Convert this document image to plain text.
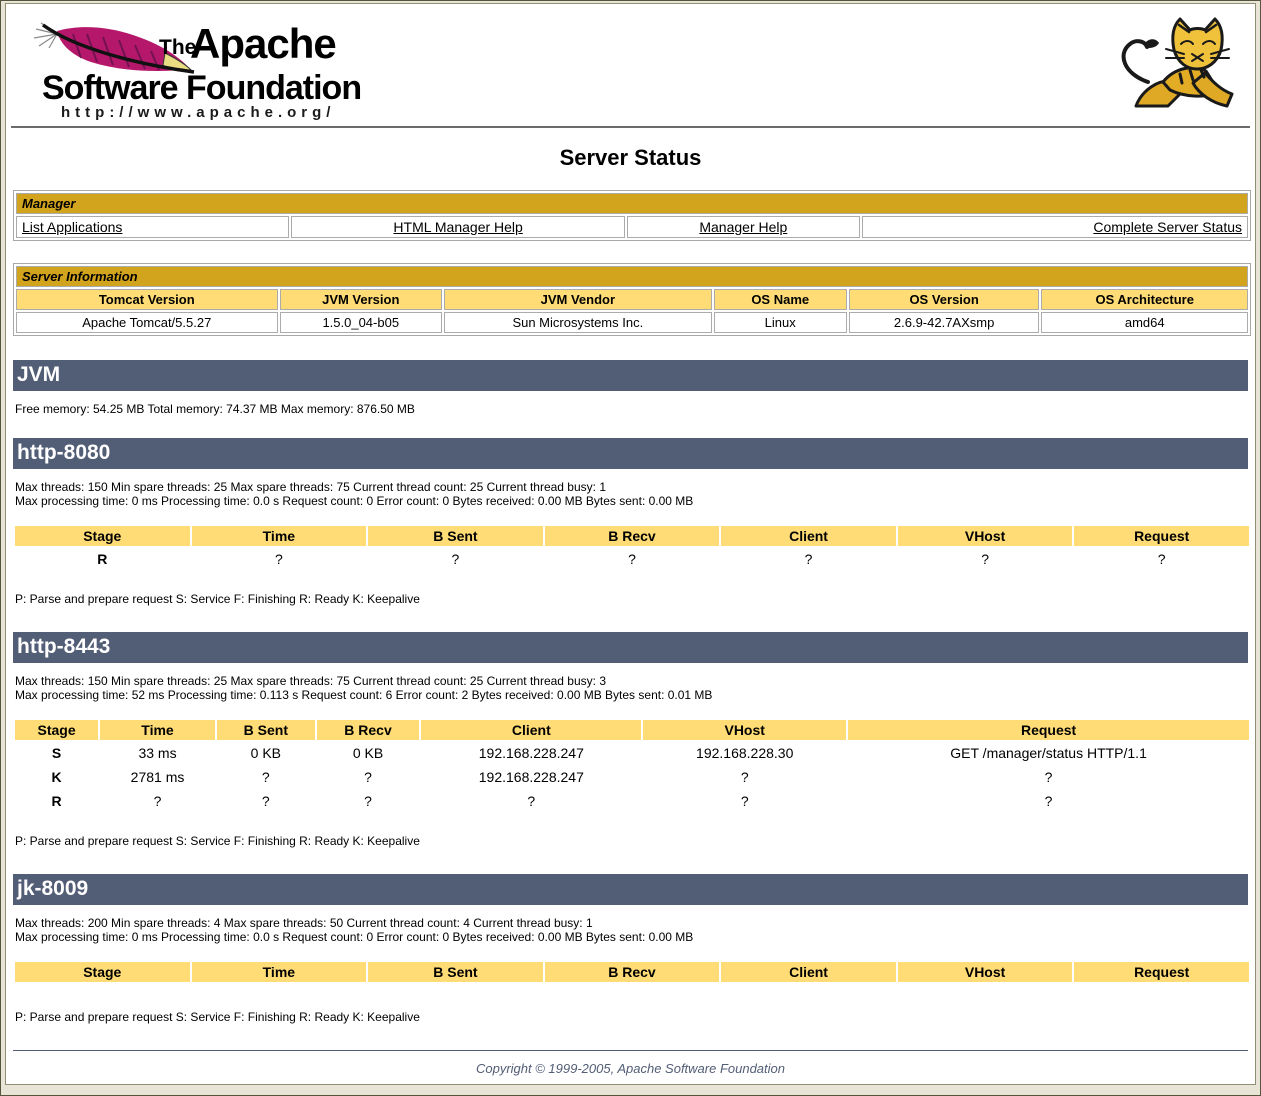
The
Apache
Software Foundation
http://www.apache.org/
Server Status
Manager
List Applications	HTML Manager Help	Manager Help	Complete Server Status
Server Information					
Tomcat Version	JVM Version	JVM Vendor	OS Name	OS Version	OS Architecture
Apache Tomcat/5.5.27	1.5.0_04-b05	Sun Microsystems Inc.	Linux	2.6.9-42.7AXsmp	amd64
JVM
Free memory: 54.25 MB Total memory: 74.37 MB Max memory: 876.50 MB
http-8080
Max threads: 150 Min spare threads: 25 Max spare threads: 75 Current thread count: 25 Current thread busy: 1
Max processing time: 0 ms Processing time: 0.0 s Request count: 0 Error count: 0 Bytes received: 0.00 MB Bytes sent: 0.00 MB
Stage	Time	B Sent	B Recv	Client	VHost	Request
R	?	?	?	?	?	?
P: Parse and prepare request S: Service F: Finishing R: Ready K: Keepalive
http-8443
Max threads: 150 Min spare threads: 25 Max spare threads: 75 Current thread count: 25 Current thread busy: 3
Max processing time: 52 ms Processing time: 0.113 s Request count: 6 Error count: 2 Bytes received: 0.00 MB Bytes sent: 0.01 MB
Stage	Time	B Sent	B Recv	Client	VHost	Request
S	33 ms	0 KB	0 KB	192.168.228.247	192.168.228.30	GET /manager/status HTTP/1.1
K	2781 ms	?	?	192.168.228.247	?	?
R	?	?	?	?	?	?
P: Parse and prepare request S: Service F: Finishing R: Ready K: Keepalive
jk-8009
Max threads: 200 Min spare threads: 4 Max spare threads: 50 Current thread count: 4 Current thread busy: 1
Max processing time: 0 ms Processing time: 0.0 s Request count: 0 Error count: 0 Bytes received: 0.00 MB Bytes sent: 0.00 MB
Stage	Time	B Sent	B Recv	Client	VHost	Request
P: Parse and prepare request S: Service F: Finishing R: Ready K: Keepalive
Copyright © 1999-2005, Apache Software Foundation
